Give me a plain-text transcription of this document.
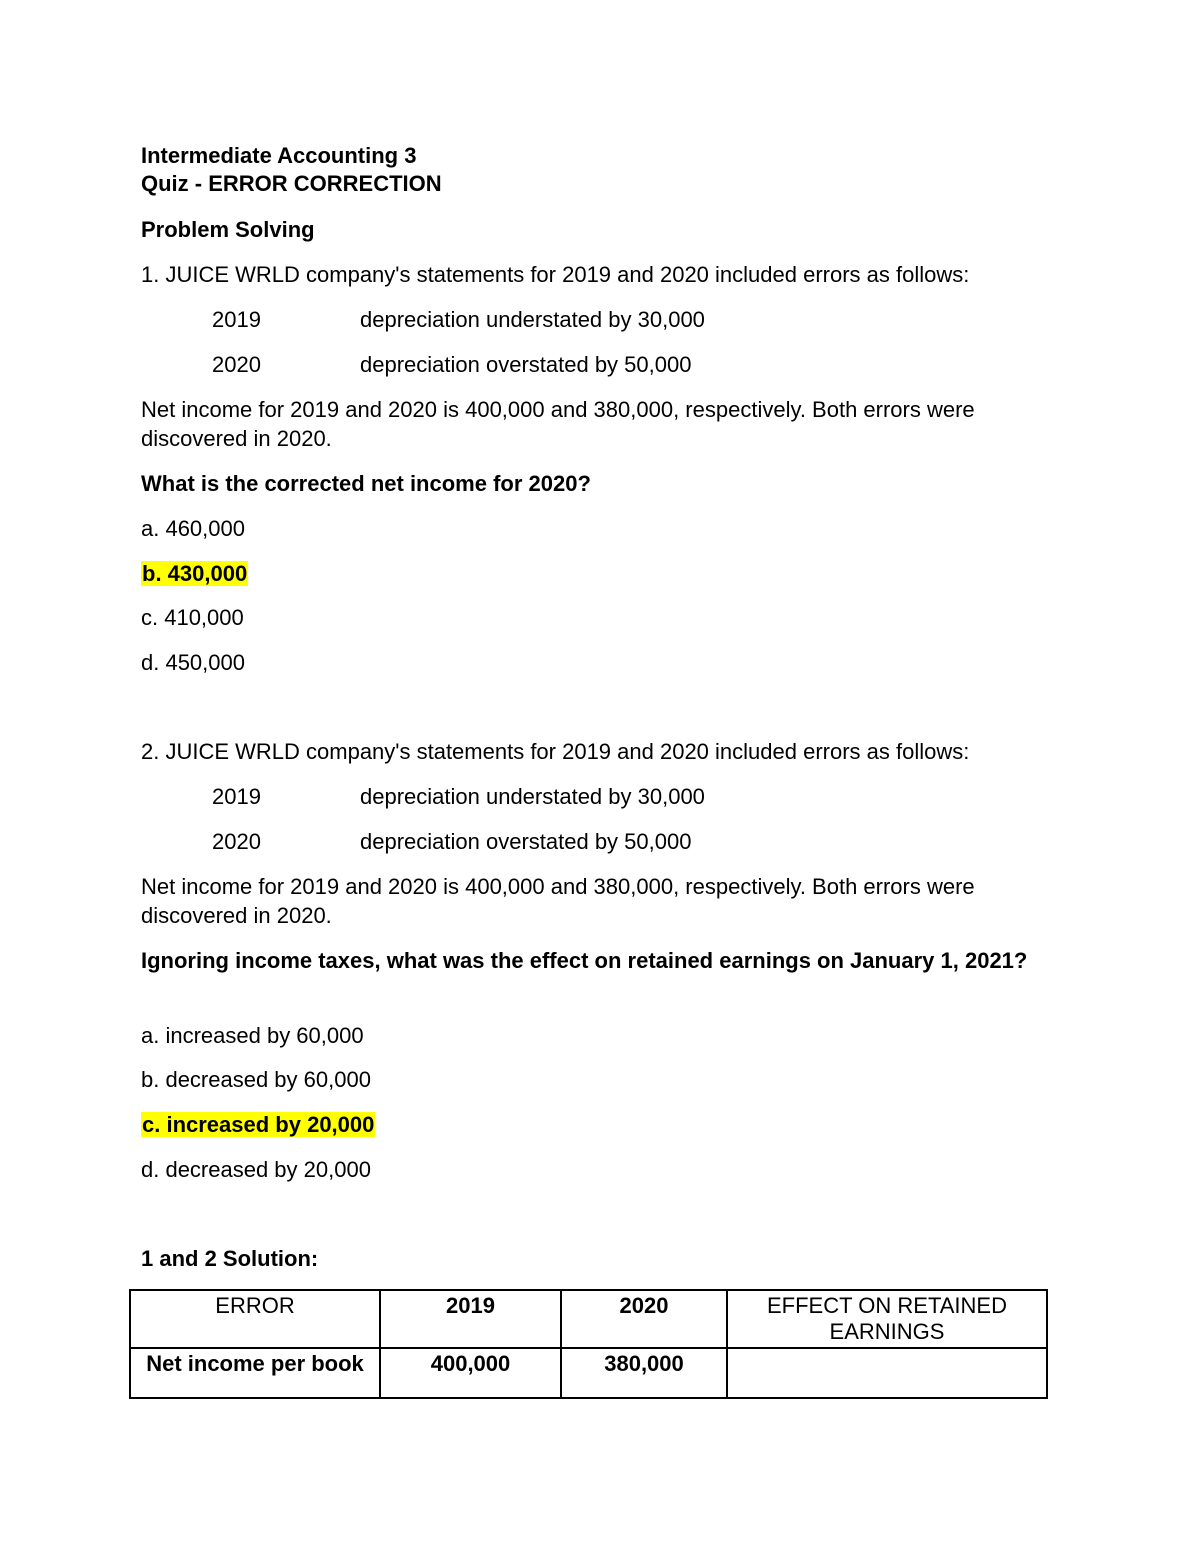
Intermediate Accounting 3
Quiz - ERROR CORRECTION
Problem Solving
1. JUICE WRLD company's statements for 2019 and 2020 included errors as follows:
2019	depreciation understated by 30,000
2020	depreciation overstated by 50,000
Net income for 2019 and 2020 is 400,000 and 380,000, respectively. Both errors were discovered in 2020.
What is the corrected net income for 2020?
a. 460,000
b. 430,000
c. 410,000
d. 450,000
2. JUICE WRLD company's statements for 2019 and 2020 included errors as follows:
2019	depreciation understated by 30,000
2020	depreciation overstated by 50,000
Net income for 2019 and 2020 is 400,000 and 380,000, respectively. Both errors were discovered in 2020.
Ignoring income taxes, what was the effect on retained earnings on January 1, 2021?
a. increased by 60,000
b. decreased by 60,000
c. increased by 20,000
d. decreased by 20,000
1 and 2 Solution:
ERROR	2019	2020	EFFECT ON RETAINED EARNINGS
Net income per book	400,000	380,000	
